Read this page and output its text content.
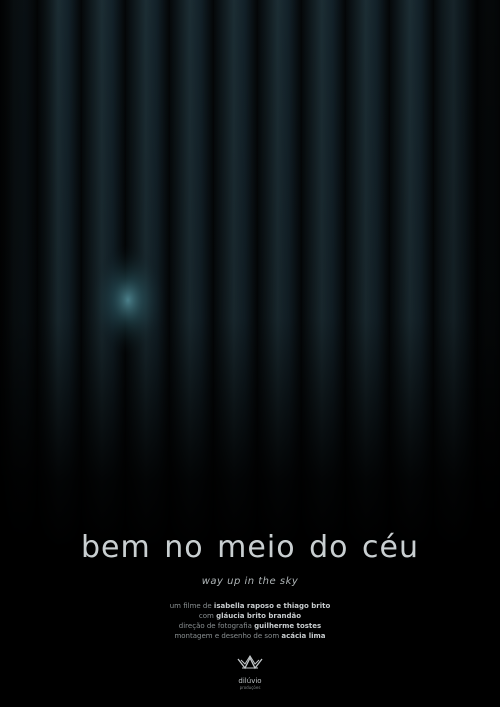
bem no meio do céu
way up in the sky
um filme de isabella raposo e thiago brito
com gláucia brito brandão
direção de fotografia guilherme tostes
montagem e desenho de som acácia lima
dilúvio
produções
